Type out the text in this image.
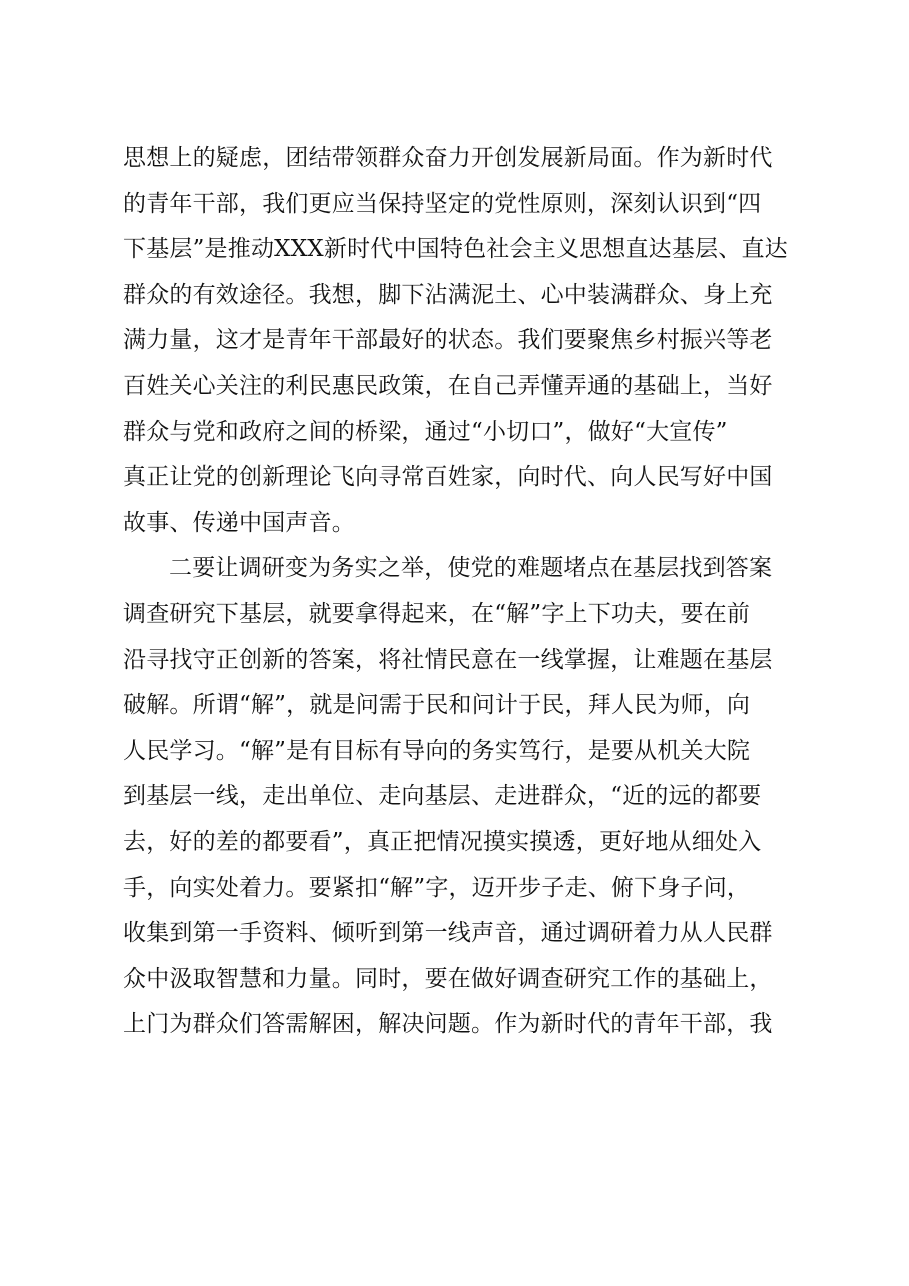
思想上的疑虑，团结带领群众奋力开创发展新局面。作为新时代
的青年干部，我们更应当保持坚定的党性原则，深刻认识到“四
下基层”是推动XXX新时代中国特色社会主义思想直达基层、直达
群众的有效途径。我想，脚下沾满泥土、心中装满群众、身上充
满力量，这才是青年干部最好的状态。我们要聚焦乡村振兴等老
百姓关心关注的利民惠民政策，在自己弄懂弄通的基础上，当好
群众与党和政府之间的桥梁，通过“小切口”，做好“大宣传”
真正让党的创新理论飞向寻常百姓家，向时代、向人民写好中国
故事、传递中国声音。
二要让调研变为务实之举，使党的难题堵点在基层找到答案
调查研究下基层，就要拿得起来，在“解”字上下功夫，要在前
沿寻找守正创新的答案，将社情民意在一线掌握，让难题在基层
破解。所谓“解”，就是问需于民和问计于民，拜人民为师，向
人民学习。“解”是有目标有导向的务实笃行，是要从机关大院
到基层一线，走出单位、走向基层、走进群众，“近的远的都要
去，好的差的都要看”，真正把情况摸实摸透，更好地从细处入
手，向实处着力。要紧扣“解”字，迈开步子走、俯下身子问，
收集到第一手资料、倾听到第一线声音，通过调研着力从人民群
众中汲取智慧和力量。同时，要在做好调查研究工作的基础上，
上门为群众们答需解困，解决问题。作为新时代的青年干部，我
